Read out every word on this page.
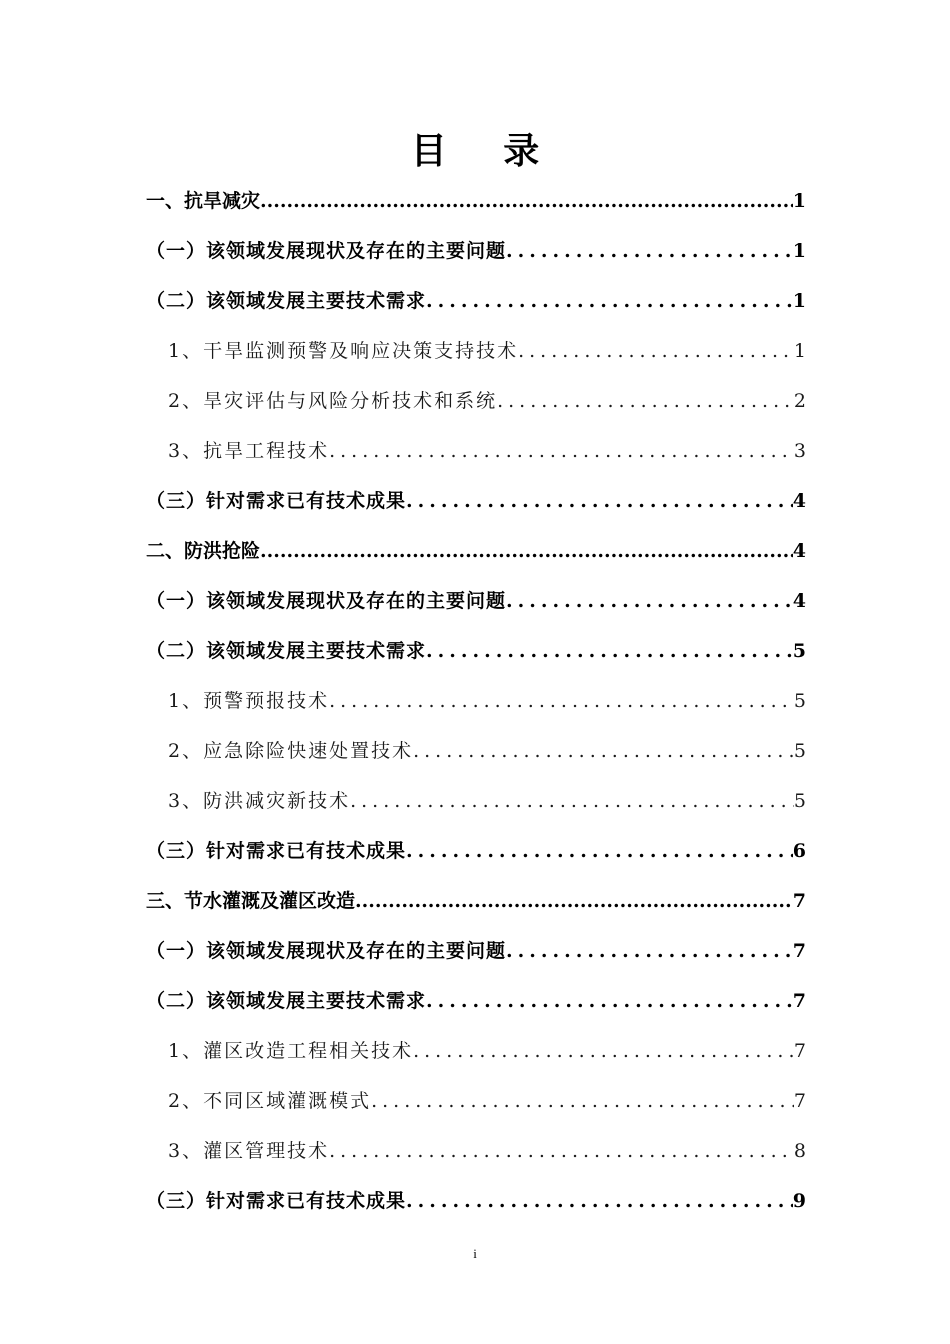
目 录
一、抗旱减灾 .....	1
（一）该领域发展现状及存在的主要问题 .....	1
（二）该领域发展主要技术需求 .....	1
1、干旱监测预警及响应决策支持技术 .....	1
2、旱灾评估与风险分析技术和系统 .....	2
3、抗旱工程技术 .....	3
（三）针对需求已有技术成果 .....	4
二、防洪抢险 .....	4
（一）该领域发展现状及存在的主要问题 .....	4
（二）该领域发展主要技术需求 .....	5
1、预警预报技术 .....	5
2、应急除险快速处置技术 .....	5
3、防洪减灾新技术 .....	5
（三）针对需求已有技术成果 .....	6
三、节水灌溉及灌区改造 .....	7
（一）该领域发展现状及存在的主要问题 .....	7
（二）该领域发展主要技术需求 .....	7
1、灌区改造工程相关技术 .....	7
2、不同区域灌溉模式 .....	7
3、灌区管理技术 .....	8
（三）针对需求已有技术成果 .....	9
i
